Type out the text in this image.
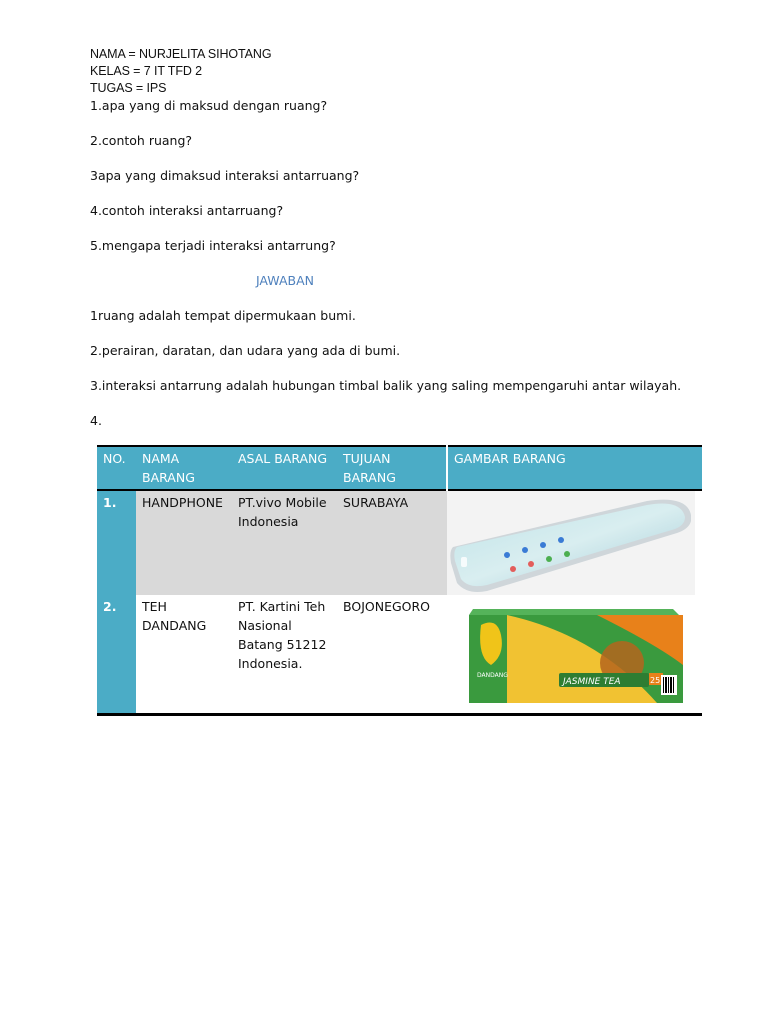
NAMA = NURJELITA SIHOTANG
KELAS = 7 IT TFD 2
TUGAS = IPS
1.apa yang di maksud dengan ruang?
2.contoh ruang?
3apa yang dimaksud interaksi antarruang?
4.contoh interaksi antarruang?
5.mengapa terjadi interaksi antarrung?
JAWABAN
1ruang adalah tempat dipermukaan bumi.
2.perairan, daratan, dan udara yang ada di bumi.
3.interaksi antarrung adalah hubungan timbal balik yang saling mempengaruhi antar wilayah.
4.
NO.	NAMA BARANG	ASAL BARANG	TUJUAN BARANG	GAMBAR BARANG
1.	HANDPHONE	PT.vivo Mobile Indonesia	SURABAYA	

2.	TEH DANDANG	PT. Kartini Teh Nasional Batang 51212 Indonesia.	BOJONEGORO	DANDANG
JASMINE TEA 25
